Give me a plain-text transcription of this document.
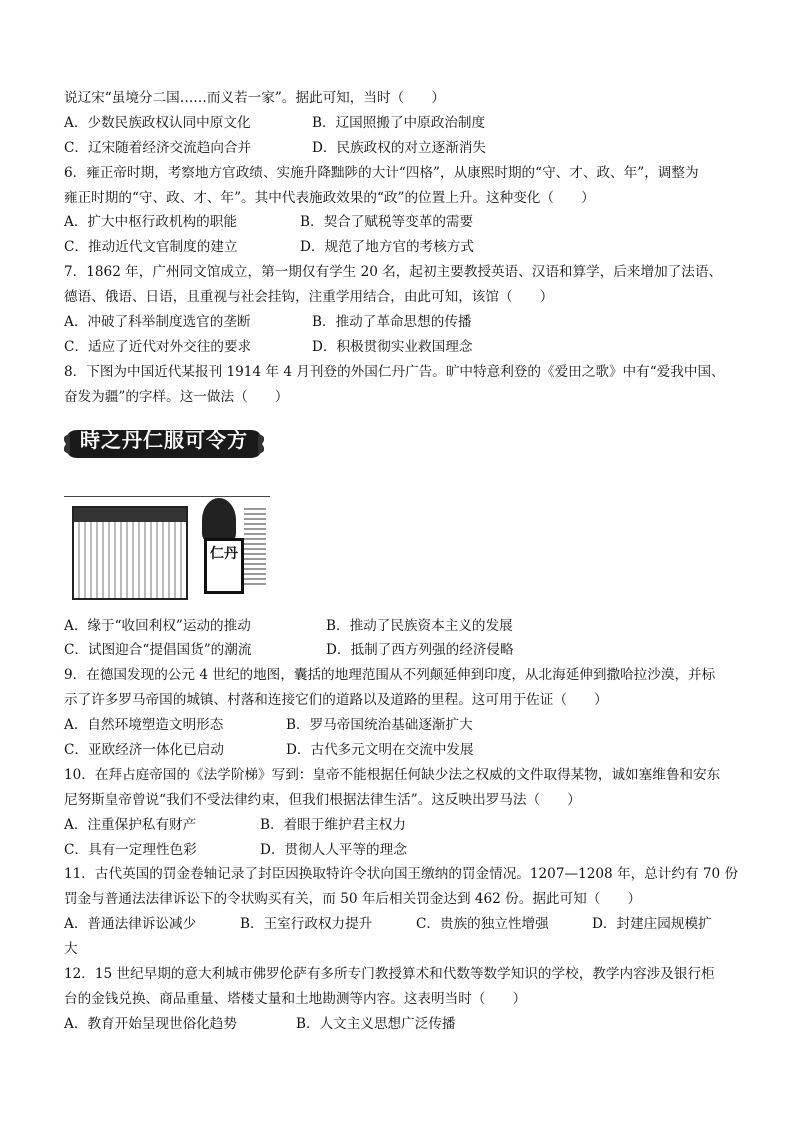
说辽宋“虽境分二国……而义若一家”。据此可知，当时（　　）
A．少数民族政权认同中原文化	B．辽国照搬了中原政治制度
C．辽宋随着经济交流趋向合并	D．民族政权的对立逐渐消失
6．雍正帝时期，考察地方官政绩、实施升降黜陟的大计“四格”，从康熙时期的“守、才、政、年”，调整为
雍正时期的“守、政、才、年”。其中代表施政效果的“政”的位置上升。这种变化（　　）
A．扩大中枢行政机构的职能	B．契合了赋税等变革的需要
C．推动近代文官制度的建立	D．规范了地方官的考核方式
7．1862 年，广州同文馆成立，第一期仅有学生 20 名，起初主要教授英语、汉语和算学，后来增加了法语、
德语、俄语、日语，且重视与社会挂钩，注重学用结合，由此可知，该馆（　　）
A．冲破了科举制度选官的垄断	B．推动了革命思想的传播
C．适应了近代对外交往的要求	D．积极贯彻实业救国理念
8．下图为中国近代某报刊 1914 年 4 月刊登的外国仁丹广告。旷中特意利登的《爱田之歌》中有“爱我中国、
奋发为疆”的字样。这一做法（　　）
時之丹仁服可令方
仁丹
A．缘于“收回利权”运动的推动	B．推动了民族资本主义的发展
C．试图迎合“提倡国货”的潮流	D．抵制了西方列强的经济侵略
9．在德国发现的公元 4 世纪的地图，囊括的地理范围从不列颠延伸到印度，从北海延伸到撒哈拉沙漠，并标
示了许多罗马帝国的城镇、村落和连接它们的道路以及道路的里程。这可用于佐证（　　）
A．自然环境塑造文明形态	B．罗马帝国统治基础逐渐扩大
C．亚欧经济一体化已启动	D．古代多元文明在交流中发展
10．在拜占庭帝国的《法学阶梯》写到：皇帝不能根据任何缺少法之权威的文件取得某物，诚如塞维鲁和安东
尼努斯皇帝曾说“我们不受法律约束，但我们根据法律生活”。这反映出罗马法（　　）
A．注重保护私有财产	B．着眼于维护君主权力
C．具有一定理性色彩	D．贯彻人人平等的理念
11．古代英国的罚金卷轴记录了封臣因换取特许令状向国王缴纳的罚金情况。1207—1208 年，总计约有 70 份
罚金与普通法法律诉讼下的令状购买有关，而 50 年后相关罚金达到 462 份。据此可知（　　）
A．普通法律诉讼减少	B．王室行政权力提升	C．贵族的独立性增强	D．封建庄园规模扩
大
12．15 世纪早期的意大利城市佛罗伦萨有多所专门教授算术和代数等数学知识的学校，教学内容涉及银行柜
台的金钱兑换、商品重量、塔楼丈量和土地勘测等内容。这表明当时（　　）
A．教育开始呈现世俗化趋势	B．人文主义思想广泛传播
